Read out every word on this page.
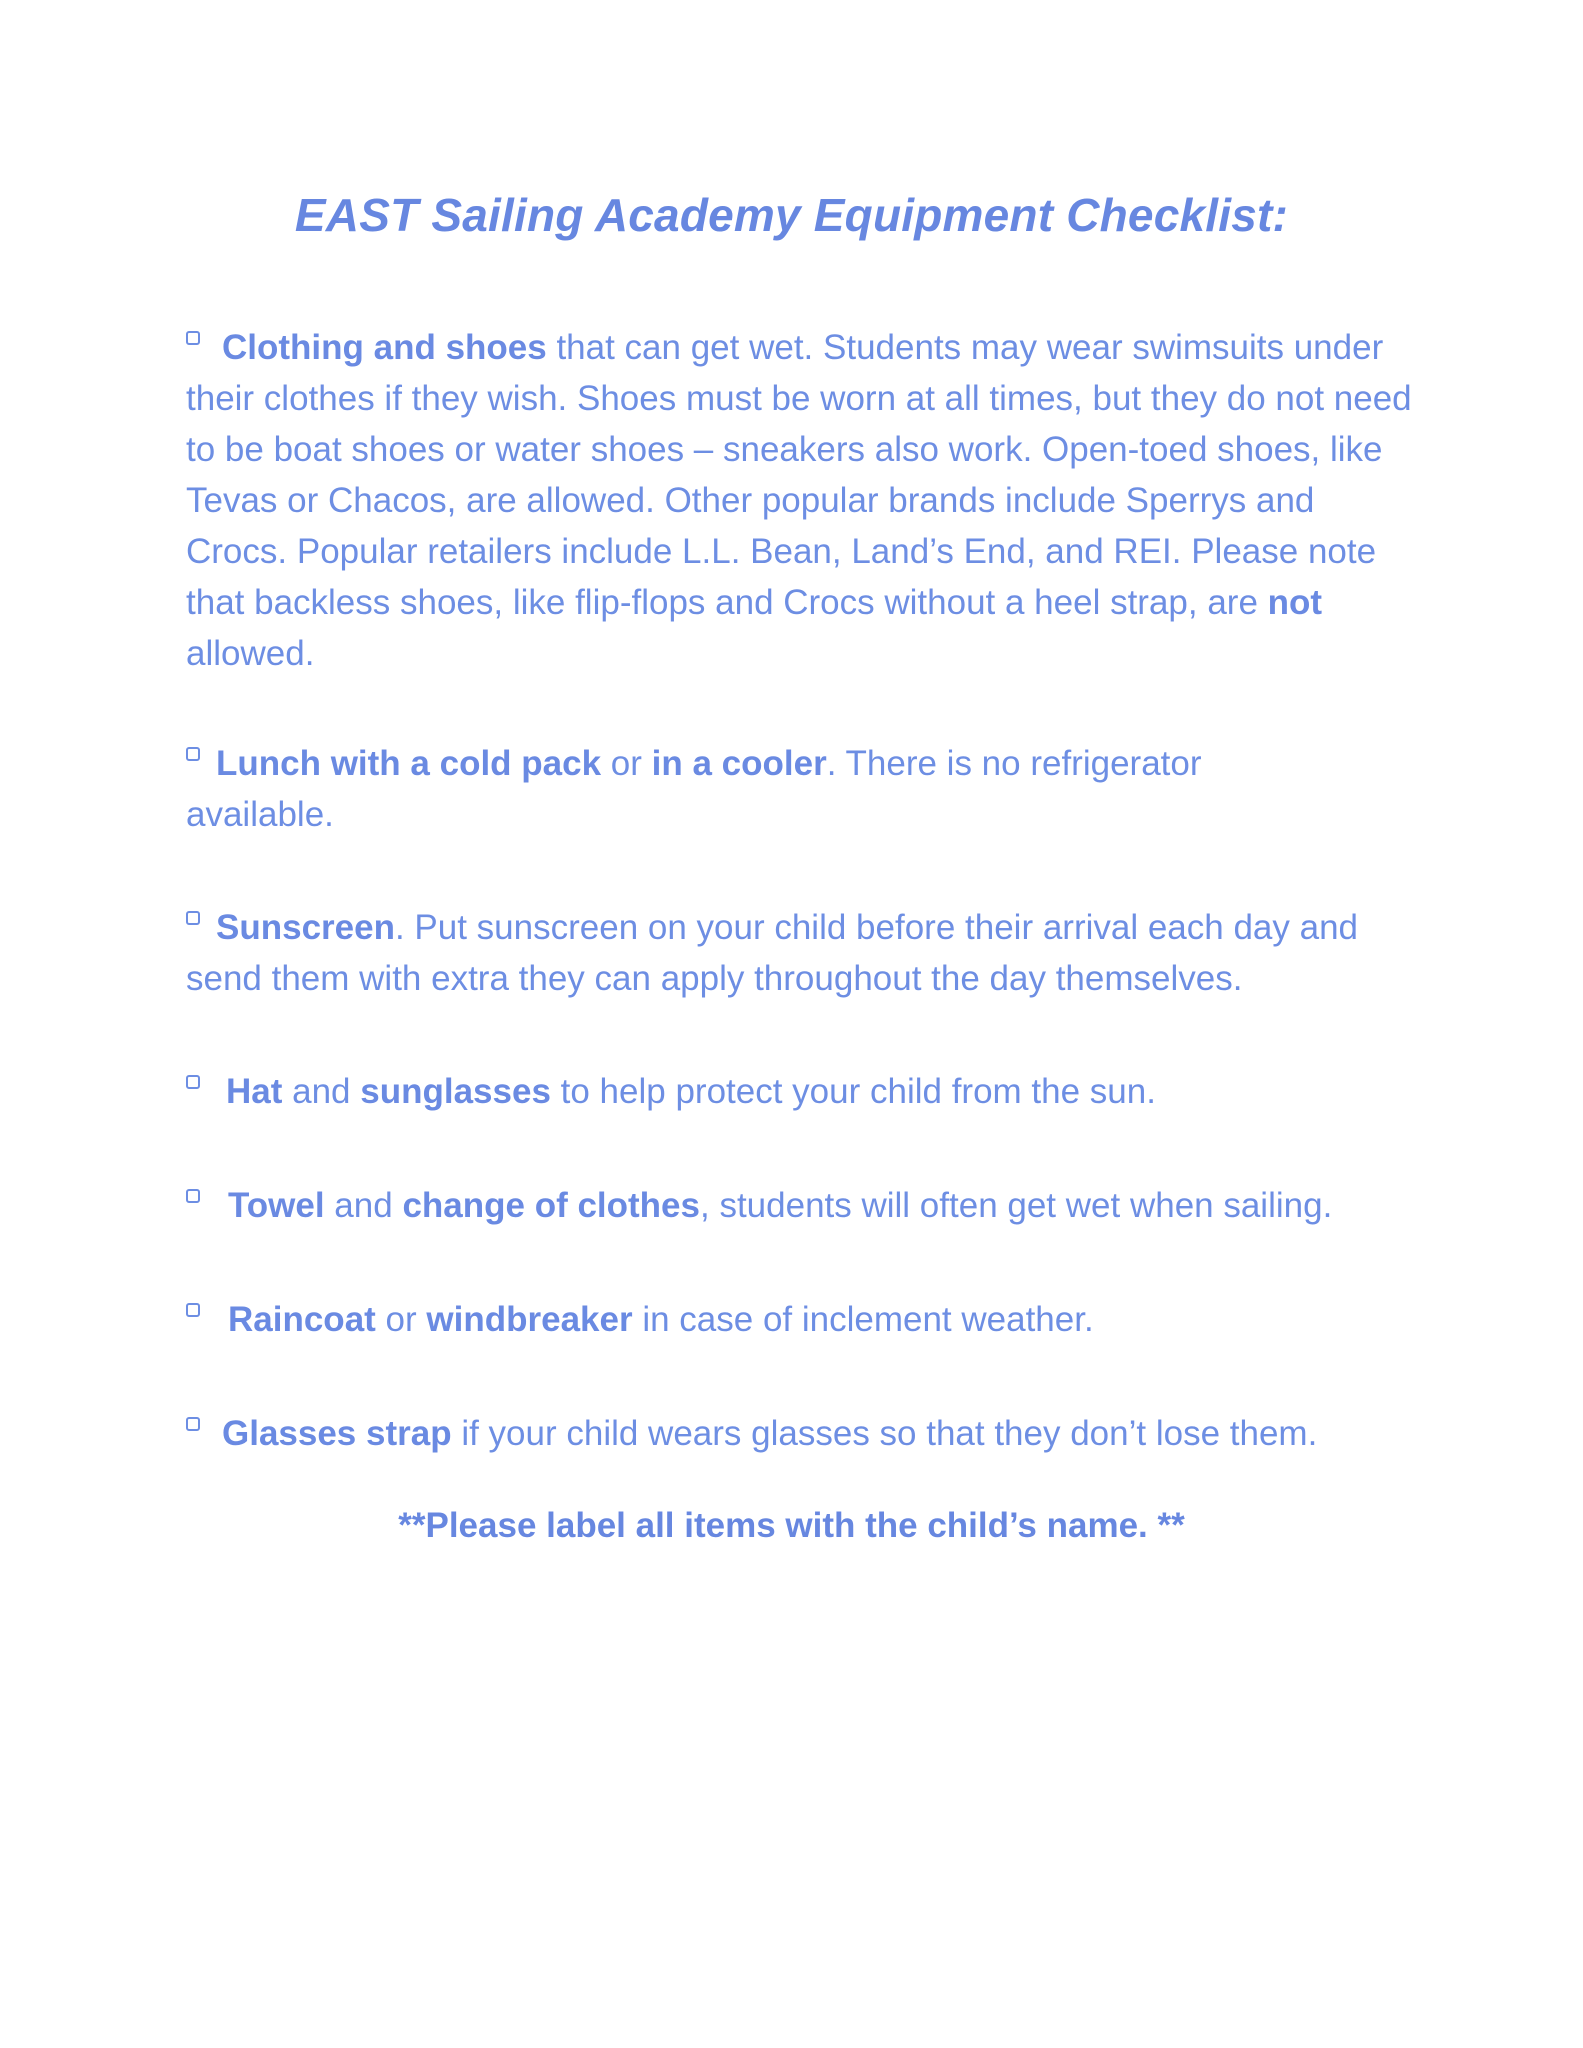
EAST Sailing Academy Equipment Checklist:
Clothing and shoes that can get wet. Students may wear swimsuits under their clothes if they wish. Shoes must be worn at all times, but they do not need to be boat shoes or water shoes – sneakers also work. Open-toed shoes, like Tevas or Chacos, are allowed. Other popular brands include Sperrys and Crocs. Popular retailers include L.L. Bean, Land’s End, and REI. Please note that backless shoes, like flip-flops and Crocs without a heel strap, are not allowed.
Lunch with a cold pack or in a cooler. There is no refrigerator available.
Sunscreen. Put sunscreen on your child before their arrival each day and send them with extra they can apply throughout the day themselves.
Hat and sunglasses to help protect your child from the sun.
Towel and change of clothes, students will often get wet when sailing.
Raincoat or windbreaker in case of inclement weather.
Glasses strap if your child wears glasses so that they don’t lose them.
**Please label all items with the child’s name. **
